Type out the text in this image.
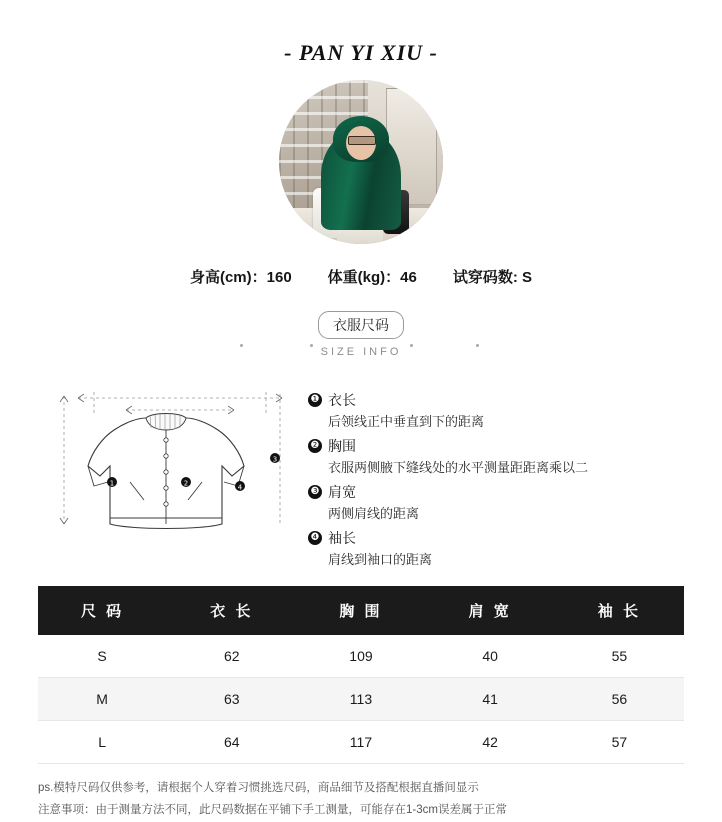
- PAN YI XIU -
身高(cm)：160 体重(kg)：46 试穿码数: S
衣服尺码
SIZE INFO
1	2	4
3
❶ 衣长
后领线正中垂直到下的距离
❷ 胸围
衣服两侧腋下缝线处的水平测量距距离乘以二
❸ 肩宽
两侧肩线的距离
❹ 袖长
肩线到袖口的距离
尺 码	衣 长	胸 围	肩 宽	袖 长
S	62	109	40	55
M	63	113	41	56
L	64	117	42	57
ps.模特尺码仅供参考，请根据个人穿着习惯挑选尺码，商品细节及搭配根据直播间显示
注意事项：由于测量方法不同，此尺码数据在平铺下手工测量，可能存在1-3cm误差属于正常
